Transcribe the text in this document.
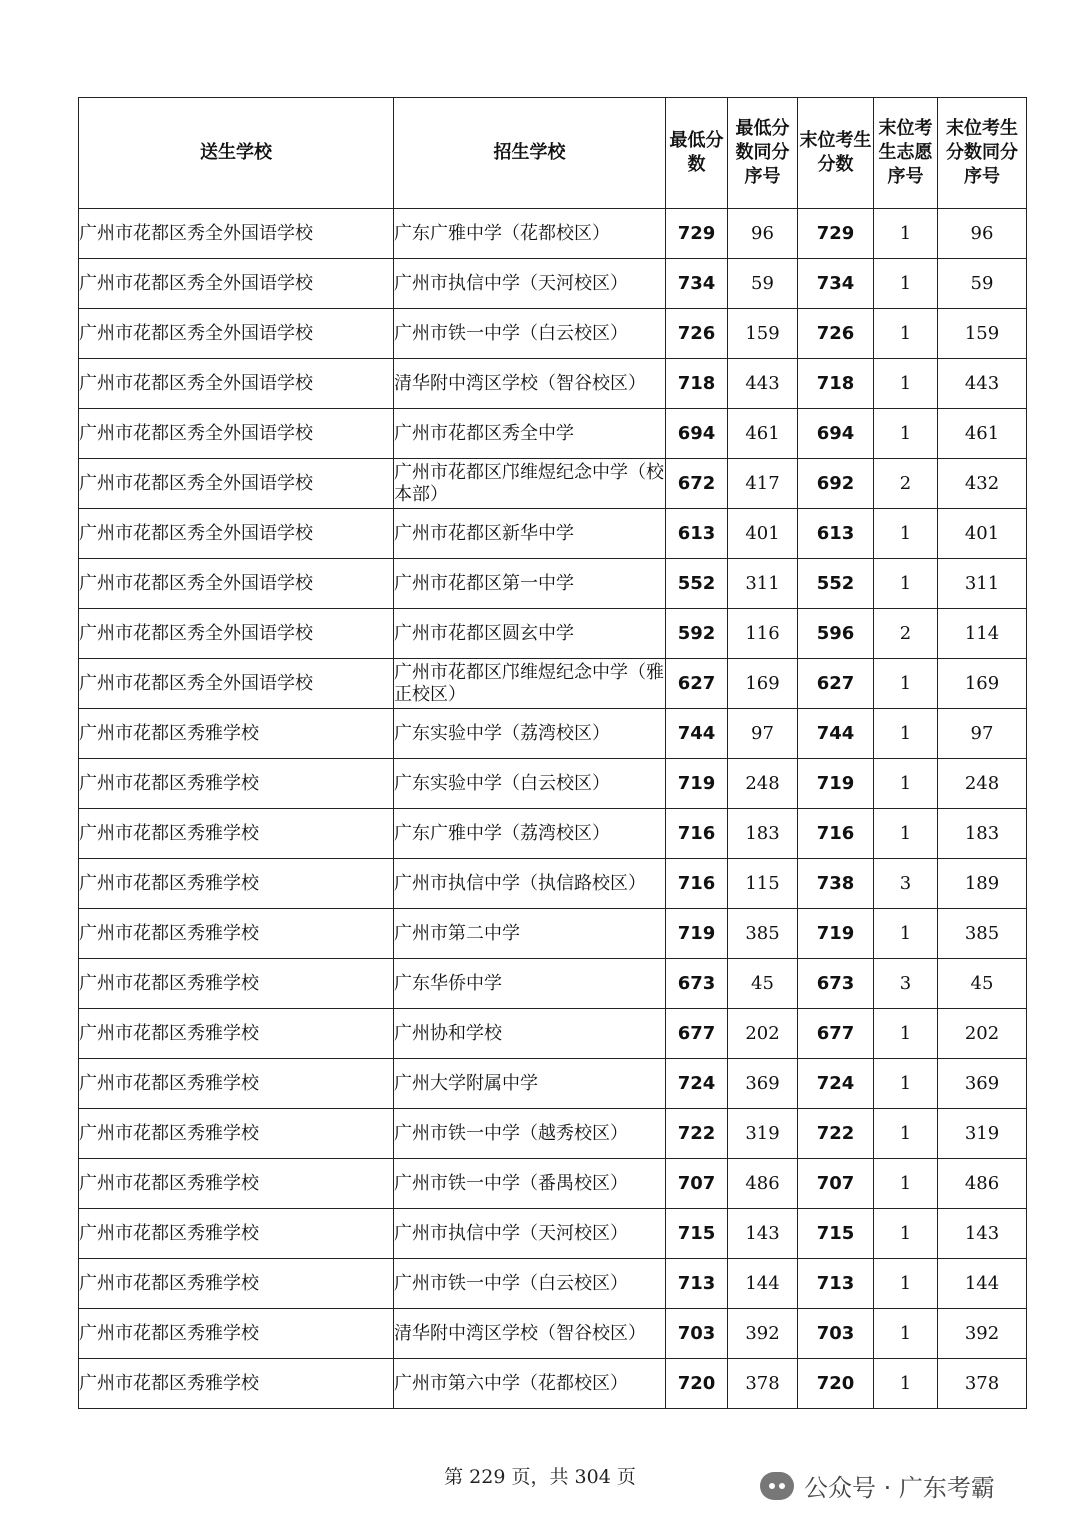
送生学校	招生学校	最低分数	最低分数同分序号	末位考生分数	末位考生志愿序号	末位考生分数同分序号
广州市花都区秀全外国语学校	广东广雅中学（花都校区）	729	96	729	1	96
广州市花都区秀全外国语学校	广州市执信中学（天河校区）	734	59	734	1	59
广州市花都区秀全外国语学校	广州市铁一中学（白云校区）	726	159	726	1	159
广州市花都区秀全外国语学校	清华附中湾区学校（智谷校区）	718	443	718	1	443
广州市花都区秀全外国语学校	广州市花都区秀全中学	694	461	694	1	461
广州市花都区秀全外国语学校	广州市花都区邝维煜纪念中学（校本部）	672	417	692	2	432
广州市花都区秀全外国语学校	广州市花都区新华中学	613	401	613	1	401
广州市花都区秀全外国语学校	广州市花都区第一中学	552	311	552	1	311
广州市花都区秀全外国语学校	广州市花都区圆玄中学	592	116	596	2	114
广州市花都区秀全外国语学校	广州市花都区邝维煜纪念中学（雅正校区）	627	169	627	1	169
广州市花都区秀雅学校	广东实验中学（荔湾校区）	744	97	744	1	97
广州市花都区秀雅学校	广东实验中学（白云校区）	719	248	719	1	248
广州市花都区秀雅学校	广东广雅中学（荔湾校区）	716	183	716	1	183
广州市花都区秀雅学校	广州市执信中学（执信路校区）	716	115	738	3	189
广州市花都区秀雅学校	广州市第二中学	719	385	719	1	385
广州市花都区秀雅学校	广东华侨中学	673	45	673	3	45
广州市花都区秀雅学校	广州协和学校	677	202	677	1	202
广州市花都区秀雅学校	广州大学附属中学	724	369	724	1	369
广州市花都区秀雅学校	广州市铁一中学（越秀校区）	722	319	722	1	319
广州市花都区秀雅学校	广州市铁一中学（番禺校区）	707	486	707	1	486
广州市花都区秀雅学校	广州市执信中学（天河校区）	715	143	715	1	143
广州市花都区秀雅学校	广州市铁一中学（白云校区）	713	144	713	1	144
广州市花都区秀雅学校	清华附中湾区学校（智谷校区）	703	392	703	1	392
广州市花都区秀雅学校	广州市第六中学（花都校区）	720	378	720	1	378
第 229 页，共 304 页	公众号 · 广东考霸
